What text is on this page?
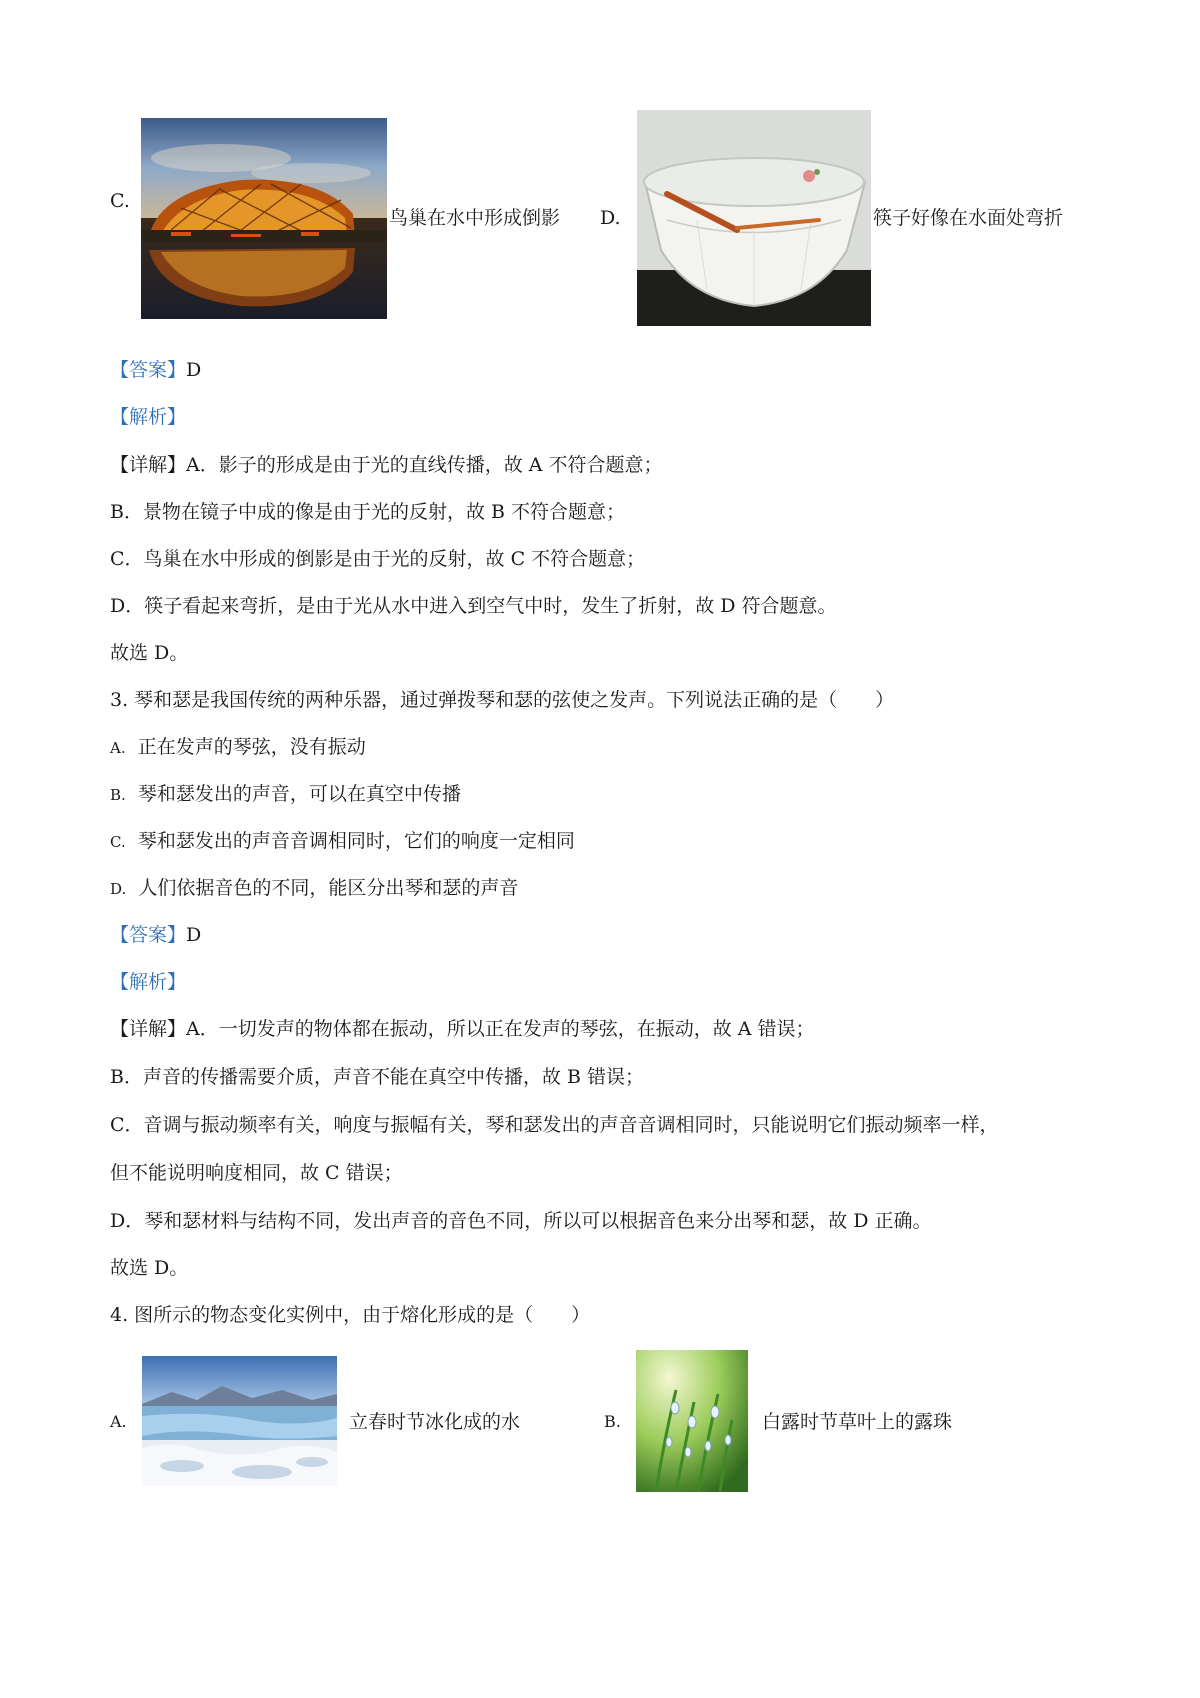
C.
鸟巢在水中形成倒影 D.	筷子好像在水面处弯折
【答案】D
【解析】
【详解】A．影子的形成是由于光的直线传播，故 A 不符合题意；
B．景物在镜子中成的像是由于光的反射，故 B 不符合题意；
C．鸟巢在水中形成的倒影是由于光的反射，故 C 不符合题意；
D．筷子看起来弯折，是由于光从水中进入到空气中时，发生了折射，故 D 符合题意。
故选 D。
3. 琴和瑟是我国传统的两种乐器，通过弹拨琴和瑟的弦使之发声。下列说法正确的是（　　）
A. 正在发声的琴弦，没有振动
B. 琴和瑟发出的声音，可以在真空中传播
C. 琴和瑟发出的声音音调相同时，它们的响度一定相同
D. 人们依据音色的不同，能区分出琴和瑟的声音
【答案】D
【解析】
【详解】A．一切发声的物体都在振动，所以正在发声的琴弦，在振动，故 A 错误；
B．声音的传播需要介质，声音不能在真空中传播，故 B 错误；
C．音调与振动频率有关，响度与振幅有关，琴和瑟发出的声音音调相同时，只能说明它们振动频率一样，
但不能说明响度相同，故 C 错误；
D．琴和瑟材料与结构不同，发出声音的音色不同，所以可以根据音色来分出琴和瑟，故 D 正确。
故选 D。
4. 图所示的物态变化实例中，由于熔化形成的是（　　）
A.	立春时节冰化成的水	B.	白露时节草叶上的露珠
